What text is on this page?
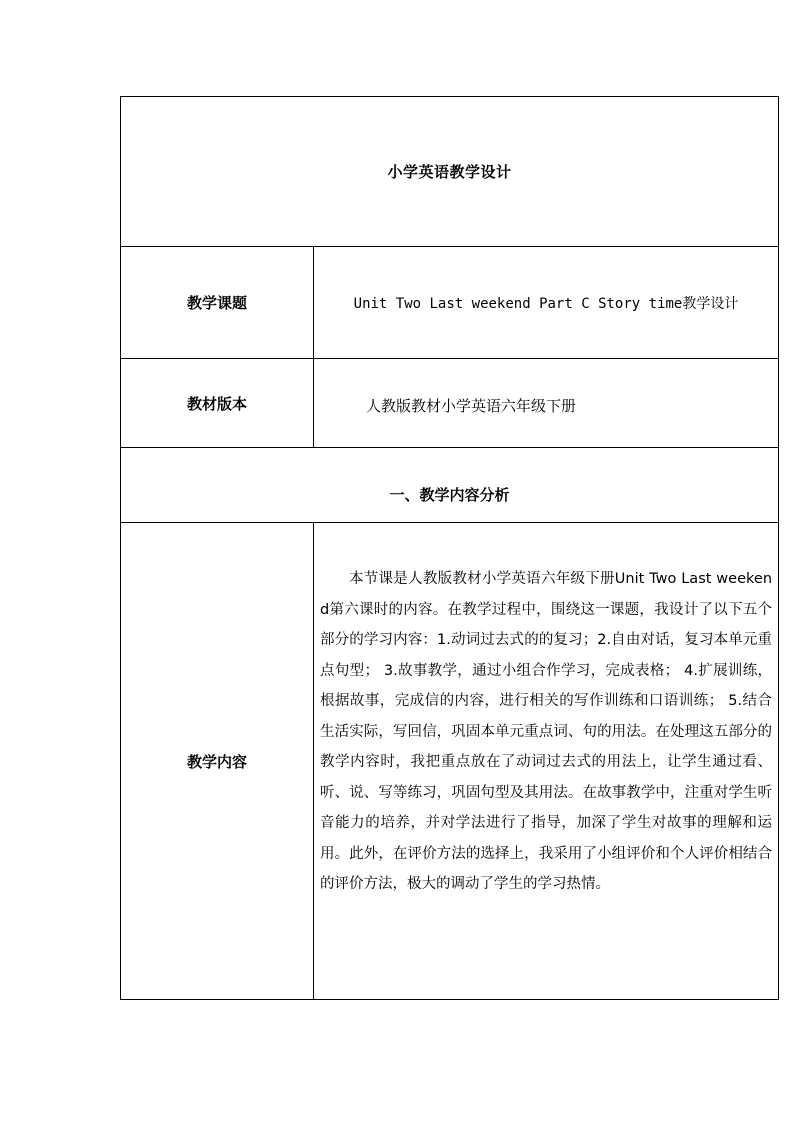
小学英语教学设计	
教学课题	Unit Two Last weekend Part C Story time教学设计
教材版本	人教版教材小学英语六年级下册
一、教学内容分析	
教学内容	本节课是人教版教材小学英语六年级下册Unit Two Last weekend第六课时的内容。在教学过程中，围绕这一课题，我设计了以下五个部分的学习内容：1.动词过去式的的复习；2.自由对话，复习本单元重点句型； 3.故事教学，通过小组合作学习，完成表格； 4.扩展训练，根据故事，完成信的内容，进行相关的写作训练和口语训练； 5.结合生活实际，写回信，巩固本单元重点词、句的用法。在处理这五部分的教学内容时，我把重点放在了动词过去式的用法上，让学生通过看、听、说、写等练习，巩固句型及其用法。在故事教学中，注重对学生听音能力的培养，并对学法进行了指导，加深了学生对故事的理解和运用。此外，在评价方法的选择上，我采用了小组评价和个人评价相结合的评价方法，极大的调动了学生的学习热情。
